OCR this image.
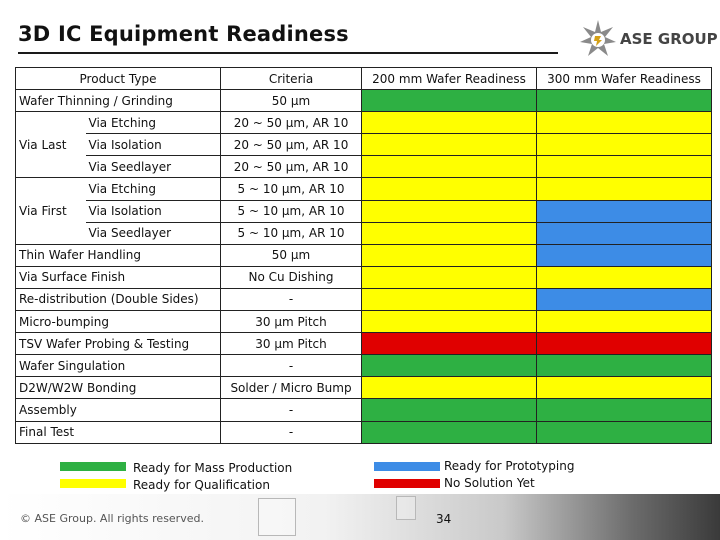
3D IC Equipment Readiness	ASE GROUP
Product Type		Criteria	200 mm Wafer Readiness	300 mm Wafer Readiness
Wafer Thinning / Grinding		50 µm		
Via Last	Via Etching	20 ~ 50 µm, AR 10		
	Via Isolation	20 ~ 50 µm, AR 10		
	Via Seedlayer	20 ~ 50 µm, AR 10		
Via First	Via Etching	5 ~ 10 µm, AR 10		
	Via Isolation	5 ~ 10 µm, AR 10		
	Via Seedlayer	5 ~ 10 µm, AR 10		
Thin Wafer Handling		50 µm		
Via Surface Finish		No Cu Dishing		
Re-distribution (Double Sides)		-		
Micro-bumping		30 µm Pitch		
TSV Wafer Probing & Testing		30 µm Pitch		
Wafer Singulation		-		
D2W/W2W Bonding		Solder / Micro Bump		
Assembly		-		
Final Test		-		
Ready for Mass Production
Ready for Qualification
Ready for Prototyping
No Solution Yet
© ASE Group. All rights reserved.	34
